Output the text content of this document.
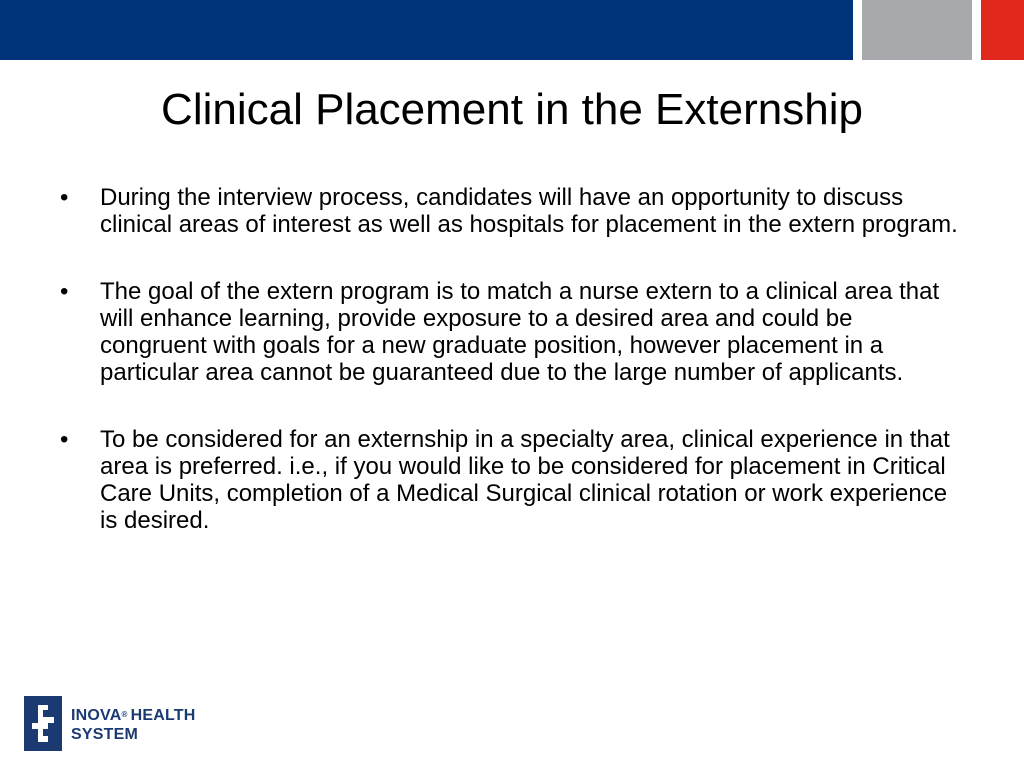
Clinical Placement in the Externship
•	During the interview process, candidates will have an opportunity to discuss clinical areas of interest as well as hospitals for placement in the extern program.
•	The goal of the extern program is to match a nurse extern to a clinical area that will enhance learning, provide exposure to a desired area and could be congruent with goals for a new graduate position, however placement in a particular area cannot be guaranteed due to the large number of applicants.
•	To be considered for an externship in a specialty area, clinical experience in that area is preferred. i.e., if you would like to be considered for placement in Critical Care Units, completion of a Medical Surgical clinical rotation or work experience is desired.
INOVA® HEALTH
SYSTEM
